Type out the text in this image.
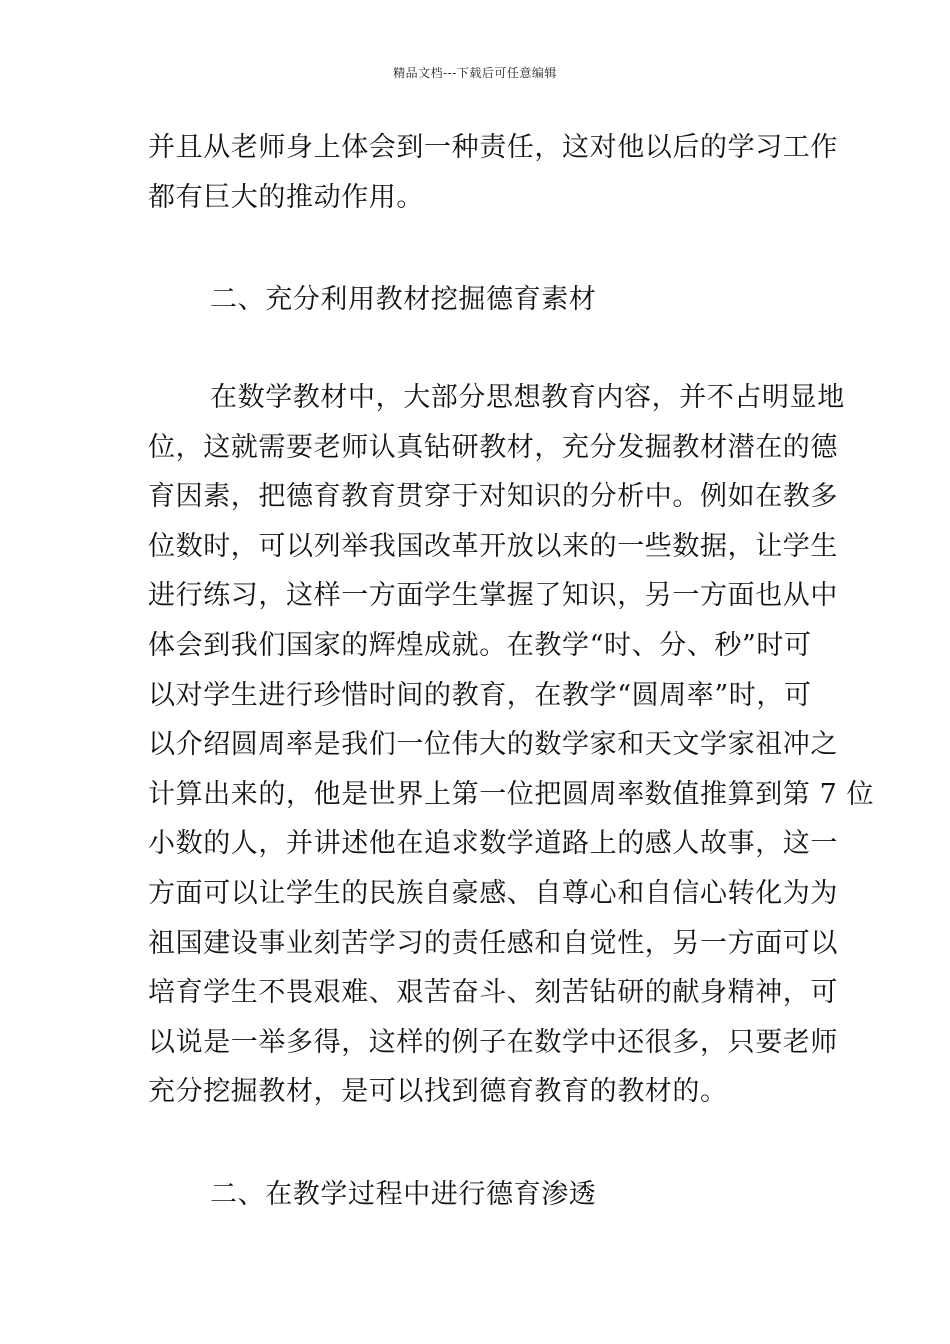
精品文档---下载后可任意编辑
并且从老师身上体会到一种责任，这对他以后的学习工作
都有巨大的推动作用。
二、充分利用教材挖掘德育素材
在数学教材中，大部分思想教育内容，并不占明显地
位，这就需要老师认真钻研教材，充分发掘教材潜在的德
育因素，把德育教育贯穿于对知识的分析中。例如在教多
位数时，可以列举我国改革开放以来的一些数据，让学生
进行练习，这样一方面学生掌握了知识，另一方面也从中
体会到我们国家的辉煌成就。在教学“时、分、秒”时可
以对学生进行珍惜时间的教育，在教学“圆周率”时，可
以介绍圆周率是我们一位伟大的数学家和天文学家祖冲之
计算出来的，他是世界上第一位把圆周率数值推算到第 7 位
小数的人，并讲述他在追求数学道路上的感人故事，这一
方面可以让学生的民族自豪感、自尊心和自信心转化为为
祖国建设事业刻苦学习的责任感和自觉性，另一方面可以
培育学生不畏艰难、艰苦奋斗、刻苦钻研的献身精神，可
以说是一举多得，这样的例子在数学中还很多，只要老师
充分挖掘教材，是可以找到德育教育的教材的。
二、在教学过程中进行德育渗透
